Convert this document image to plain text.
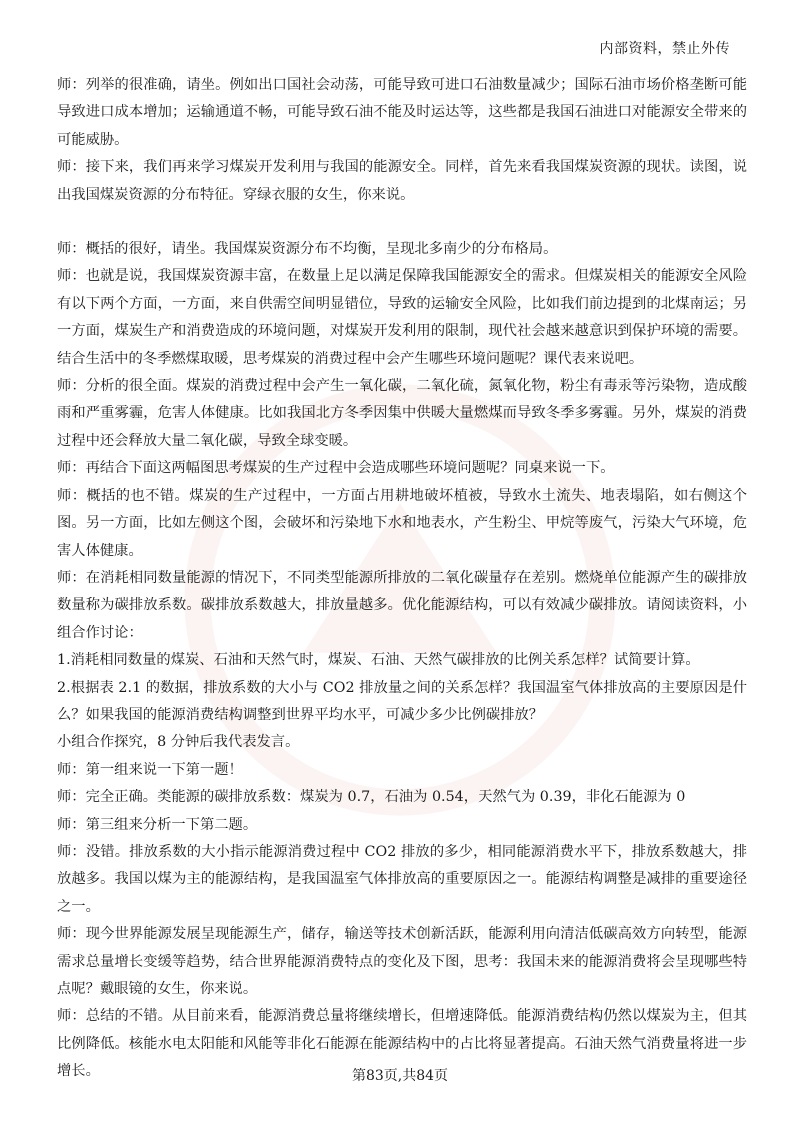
内部资料，禁止外传

师：列举的很准确，请坐。例如出口国社会动荡，可能导致可进口石油数量减少；国际石油市场价格垄断可能导致进口成本增加；运输通道不畅，可能导致石油不能及时运达等，这些都是我国石油进口对能源安全带来的可能威胁。

师：接下来，我们再来学习煤炭开发利用与我国的能源安全。同样，首先来看我国煤炭资源的现状。读图，说出我国煤炭资源的分布特征。穿绿衣服的女生，你来说。

师：概括的很好，请坐。我国煤炭资源分布不均衡，呈现北多南少的分布格局。

师：也就是说，我国煤炭资源丰富，在数量上足以满足保障我国能源安全的需求。但煤炭相关的能源安全风险有以下两个方面，一方面，来自供需空间明显错位，导致的运输安全风险，比如我们前边提到的北煤南运；另一方面，煤炭生产和消费造成的环境问题，对煤炭开发利用的限制，现代社会越来越意识到保护环境的需要。结合生活中的冬季燃煤取暖，思考煤炭的消费过程中会产生哪些环境问题呢？课代表来说吧。

师：分析的很全面。煤炭的消费过程中会产生一氧化碳，二氧化硫，氮氧化物，粉尘有毒汞等污染物，造成酸雨和严重雾霾，危害人体健康。比如我国北方冬季因集中供暖大量燃煤而导致冬季多雾霾。另外，煤炭的消费过程中还会释放大量二氧化碳，导致全球变暖。

师：再结合下面这两幅图思考煤炭的生产过程中会造成哪些环境问题呢？同桌来说一下。

师：概括的也不错。煤炭的生产过程中，一方面占用耕地破坏植被，导致水土流失、地表塌陷，如右侧这个图。另一方面，比如左侧这个图，会破坏和污染地下水和地表水，产生粉尘、甲烷等废气，污染大气环境，危害人体健康。

师：在消耗相同数量能源的情况下，不同类型能源所排放的二氧化碳量存在差别。燃烧单位能源产生的碳排放数量称为碳排放系数。碳排放系数越大，排放量越多。优化能源结构，可以有效减少碳排放。请阅读资料，小组合作讨论：

1.消耗相同数量的煤炭、石油和天然气时，煤炭、石油、天然气碳排放的比例关系怎样？试简要计算。

2.根据表 2.1 的数据，排放系数的大小与 CO2 排放量之间的关系怎样？我国温室气体排放高的主要原因是什么？如果我国的能源消费结构调整到世界平均水平，可减少多少比例碳排放？

小组合作探究，8 分钟后我代表发言。

师：第一组来说一下第一题！

师：完全正确。类能源的碳排放系数：煤炭为 0.7，石油为 0.54，天然气为 0.39，非化石能源为 0

师：第三组来分析一下第二题。

师：没错。排放系数的大小指示能源消费过程中 CO2 排放的多少，相同能源消费水平下，排放系数越大，排放越多。我国以煤为主的能源结构，是我国温室气体排放高的重要原因之一。能源结构调整是减排的重要途径之一。

师：现今世界能源发展呈现能源生产，储存，输送等技术创新活跃，能源利用向清洁低碳高效方向转型，能源需求总量增长变缓等趋势，结合世界能源消费特点的变化及下图，思考：我国未来的能源消费将会呈现哪些特点呢？戴眼镜的女生，你来说。

师：总结的不错。从目前来看，能源消费总量将继续增长，但增速降低。能源消费结构仍然以煤炭为主，但其比例降低。核能水电太阳能和风能等非化石能源在能源结构中的占比将显著提高。石油天然气消费量将进一步增长。	第83页,共84页
